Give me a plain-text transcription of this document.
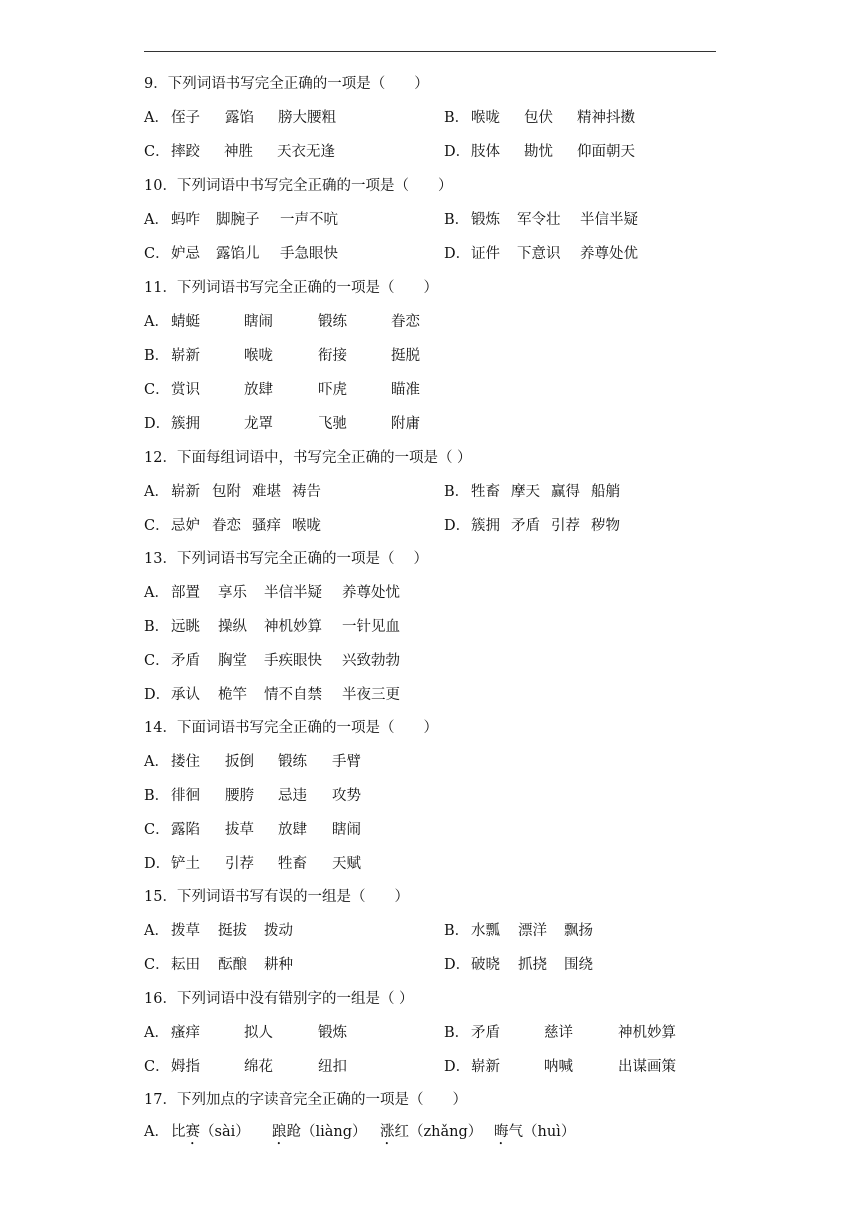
9．下列词语书写完全正确的一项是（　　）
A． 侄子 露馅 膀大腰粗	B． 喉咙 包伏 精神抖擞
C． 摔跤 神胜 天衣无逢	D． 肢体 勘忧 仰面朝天
10．下列词语中书写完全正确的一项是（　　）
A． 蚂咋 脚腕子 一声不吭	B． 锻炼 军令壮 半信半疑
C． 妒忌 露馅儿 手急眼快	D． 证件 下意识 养尊处优
11．下列词语书写完全正确的一项是（　　）
A． 蜻蜓	瞎闹	锻练	眷恋
B． 崭新	喉咙	衔接	挺脱
C． 赏识	放肆	吓虎	瞄准
D． 簇拥	龙罩	飞驰	附庸
12．下面每组词语中，书写完全正确的一项是（ ）
A． 崭新 包附 难堪 祷告	B． 牲畜 摩天 赢得 船艄
C． 忌妒 眷恋 骚痒 喉咙	D． 簇拥 矛盾 引荐 秽物
13．下列词语书写完全正确的一项是（　 ）
A． 部置 享乐 半信半疑 养尊处忧
B． 远眺 操纵 神机妙算 一针见血
C． 矛盾 胸堂 手疾眼快 兴致勃勃
D． 承认 桅竿 情不自禁 半夜三更
14．下面词语书写完全正确的一项是（　　）
A． 搂住 扳倒 锻练 手臂
B． 徘徊 腰胯 忌违 攻势
C． 露陷 拔草 放肆 瞎闹
D． 铲土 引荐 牲畜 天赋
15．下列词语书写有误的一组是（　　）
A． 拨草 挺拔 拨动	B． 水瓢 漂洋 飘扬
C． 耘田 酝酿 耕种	D． 破晓 抓挠 围绕
16．下列词语中没有错别字的一组是（ ）
A． 瘙痒	拟人	锻炼	B． 矛盾	慈详	神机妙算
C． 姆指	绵花	纽扣	D． 崭新	呐喊	出谋画策
17．下列加点的字读音完全正确的一项是（　　）
A． 比赛（sài） 踉跄（liàng） 涨红（zhǎng） 晦气（huì）
